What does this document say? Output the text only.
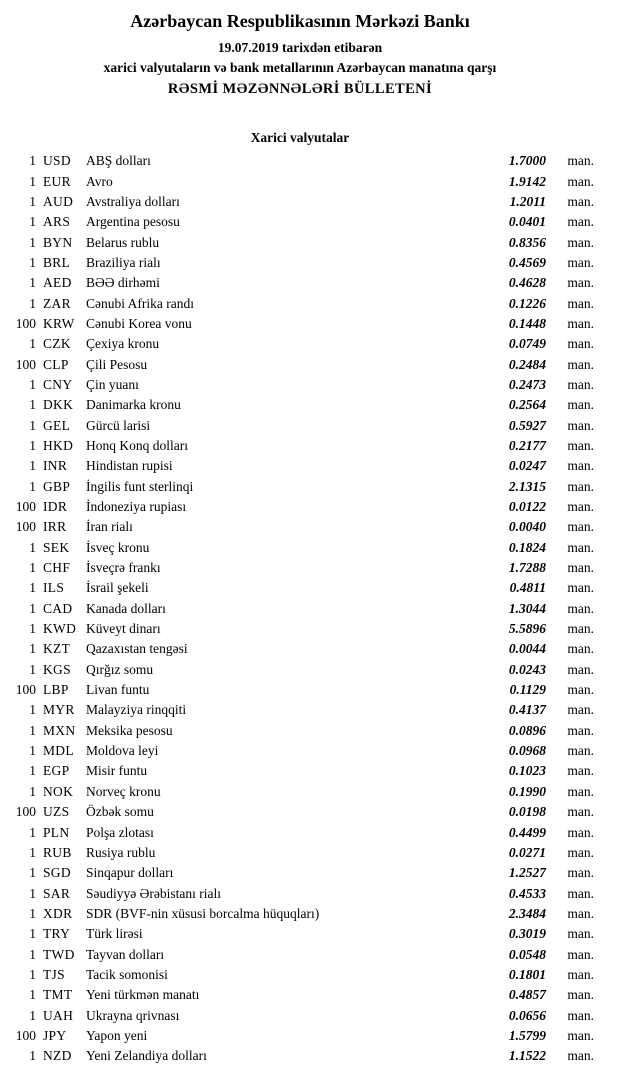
Azərbaycan Respublikasının Mərkəzi Bankı
19.07.2019 tarixdən etibarən
xarici valyutaların və bank metallarının Azərbaycan manatına qarşı
RƏSMİ MƏZƏNNƏLƏRİ BÜLLETENİ
Xarici valyutalar
1 USD	ABŞ dolları	1.7000	man.
1 EUR	Avro	1.9142	man.
1 AUD Avstraliya dolları	1.2011	man.
1 ARS	Argentina pesosu	0.0401	man.
1 BYN	Belarus rublu	0.8356	man.
1 BRL	Braziliya rialı	0.4569	man.
1 AED	BƏƏ dirhəmi	0.4628	man.
1 ZAR	Cənubi Afrika randı	0.1226	man.
100 KRW Cənubi Korea vonu	0.1448	man.
1 CZK	Çexiya kronu	0.0749	man.
100 CLP	Çili Pesosu	0.2484	man.
1 CNY	Çin yuanı	0.2473	man.
1 DKK Danimarka kronu	0.2564	man.
1 GEL	Gürcü larisi	0.5927	man.
1 HKD Honq Konq dolları	0.2177	man.
1 INR	Hindistan rupisi	0.0247	man.
1 GBP	İngilis funt sterlinqi	2.1315	man.
100 IDR	İndoneziya rupiası	0.0122	man.
100 IRR	İran rialı	0.0040	man.
1 SEK	İsveç kronu	0.1824	man.
1 CHF	İsveçrə frankı	1.7288	man.
1 ILS	İsrail şekeli	0.4811	man.
1 CAD	Kanada dolları	1.3044	man.
1 KWD Küveyt dinarı	5.5896	man.
1 KZT	Qazaxıstan tengəsi	0.0044	man.
1 KGS	Qırğız somu	0.0243	man.
100 LBP	Livan funtu	0.1129	man.
1 MYR Malayziya rinqqiti	0.4137	man.
1 MXN Meksika pesosu	0.0896	man.
1 MDL Moldova leyi	0.0968	man.
1 EGP	Misir funtu	0.1023	man.
1 NOK Norveç kronu	0.1990	man.
100 UZS	Özbək somu	0.0198	man.
1 PLN	Polşa zlotası	0.4499	man.
1 RUB	Rusiya rublu	0.0271	man.
1 SGD	Sinqapur dolları	1.2527	man.
1 SAR	Səudiyyə Ərəbistanı rialı	0.4533	man.
1 XDR	SDR (BVF-nin xüsusi borcalma hüquqları)	2.3484	man.
1 TRY	Türk lirəsi	0.3019	man.
1 TWD Tayvan dolları	0.0548	man.
1 TJS	Tacik somonisi	0.1801	man.
1 TMT	Yeni türkmən manatı	0.4857	man.
1 UAH Ukrayna qrivnası	0.0656	man.
100 JPY	Yapon yeni	1.5799	man.
1 NZD	Yeni Zelandiya dolları	1.1522	man.
